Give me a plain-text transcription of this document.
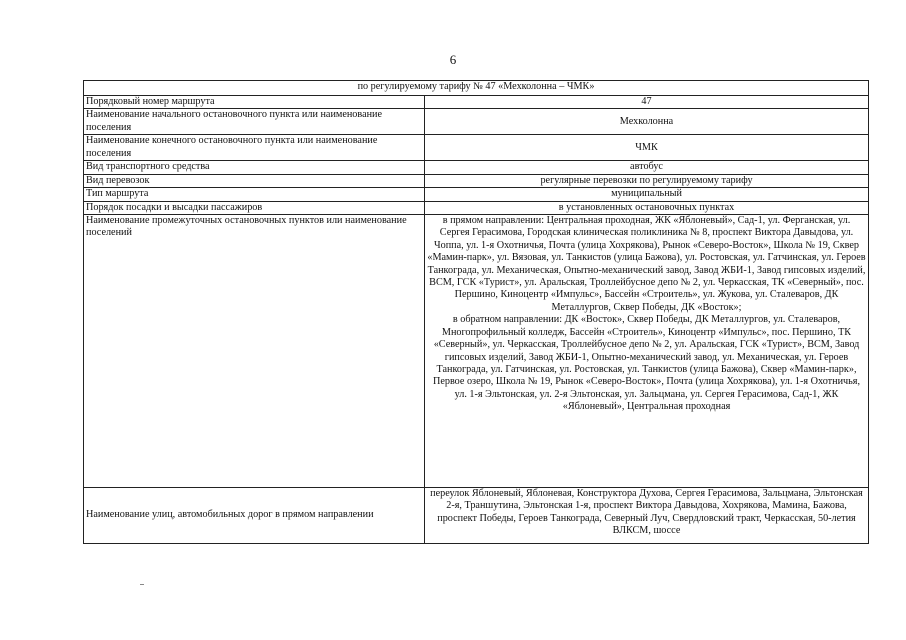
6
по регулируемому тарифу № 47 «Мехколонна – ЧМК»	
Порядковый номер маршрута	47
Наименование начального остановочного пункта или наименование поселения	Мехколонна
Наименование конечного остановочного пункта или наименование поселения	ЧМК
Вид транспортного средства	автобус
Вид перевозок	регулярные перевозки по регулируемому тарифу
Тип маршрута	муниципальный
Порядок посадки и высадки пассажиров	в установленных остановочных пунктах
Наименование промежуточных остановочных пунктов или наименование поселений	в прямом направлении: Центральная проходная, ЖК «Яблоневый», Сад-1, ул. Ферганская, ул. Сергея Герасимова, Городская клиническая поликлиника № 8, проспект Виктора Давыдова, ул. Чоппа, ул. 1-я Охотничья, Почта (улица Хохрякова), Рынок «Северо-Восток», Школа № 19, Сквер «Мамин-парк», ул. Вязовая, ул. Танкистов (улица Бажова), ул. Ростовская, ул. Гатчинская, ул. Героев Танкограда, ул. Механическая, Опытно-механический завод, Завод ЖБИ-1, Завод гипсовых изделий, ВСМ, ГСК «Турист», ул. Аральская, Троллейбусное депо № 2, ул. Черкасская, ТК «Северный», пос. Першино, Киноцентр «Импульс», Бассейн «Строитель», ул. Жукова, ул. Сталеваров, ДК Металлургов, Сквер Победы, ДК «Восток»;
в обратном направлении: ДК «Восток», Сквер Победы, ДК Металлургов, ул. Сталеваров, Многопрофильный колледж, Бассейн «Строитель», Киноцентр «Импульс», пос. Першино, ТК «Северный», ул. Черкасская, Троллейбусное депо № 2, ул. Аральская, ГСК «Турист», ВСМ, Завод гипсовых изделий, Завод ЖБИ-1, Опытно-механический завод, ул. Механическая, ул. Героев Танкограда, ул. Гатчинская, ул. Ростовская, ул. Танкистов (улица Бажова), Сквер «Мамин-парк», Первое озеро, Школа № 19, Рынок «Северо-Восток», Почта (улица Хохрякова), ул. 1-я Охотничья, ул. 1-я Эльтонская, ул. 2-я Эльтонская, ул. Зальцмана, ул. Сергея Герасимова, Сад-1, ЖК «Яблоневый», Центральная проходная

Наименование улиц, автомобильных дорог в прямом направлении	переулок Яблоневый, Яблоневая, Конструктора Духова, Сергея Герасимова, Зальцмана, Эльтонская 2-я, Траншутина, Эльтонская 1-я, проспект Виктора Давыдова, Хохрякова, Мамина, Бажова, проспект Победы, Героев Танкограда, Северный Луч, Свердловский тракт, Черкасская, 50-летия ВЛКСМ, шоссе
